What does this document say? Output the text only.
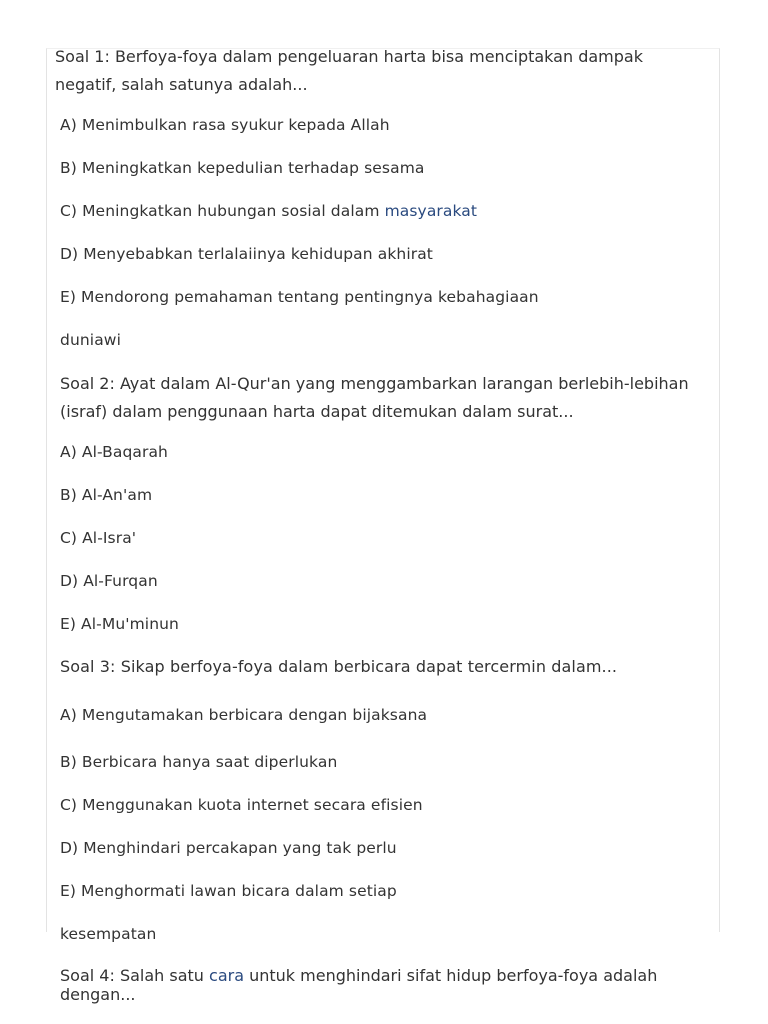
Soal 1: Berfoya-foya dalam pengeluaran harta bisa menciptakan dampak negatif, salah satunya adalah...
A) Menimbulkan rasa syukur kepada Allah
B) Meningkatkan kepedulian terhadap sesama
C) Meningkatkan hubungan sosial dalam masyarakat
D) Menyebabkan terlalaiinya kehidupan akhirat
E) Mendorong pemahaman tentang pentingnya kebahagiaan
duniawi
Soal 2: Ayat dalam Al-Qur'an yang menggambarkan larangan berlebih-lebihan (israf) dalam penggunaan harta dapat ditemukan dalam surat...
A) Al-Baqarah
B) Al-An'am
C) Al-Isra'
D) Al-Furqan
E) Al-Mu'minun
Soal 3: Sikap berfoya-foya dalam berbicara dapat tercermin dalam...
A) Mengutamakan berbicara dengan bijaksana
B) Berbicara hanya saat diperlukan
C) Menggunakan kuota internet secara efisien
D) Menghindari percakapan yang tak perlu
E) Menghormati lawan bicara dalam setiap
kesempatan
Soal 4: Salah satu cara untuk menghindari sifat hidup berfoya-foya adalah dengan...
